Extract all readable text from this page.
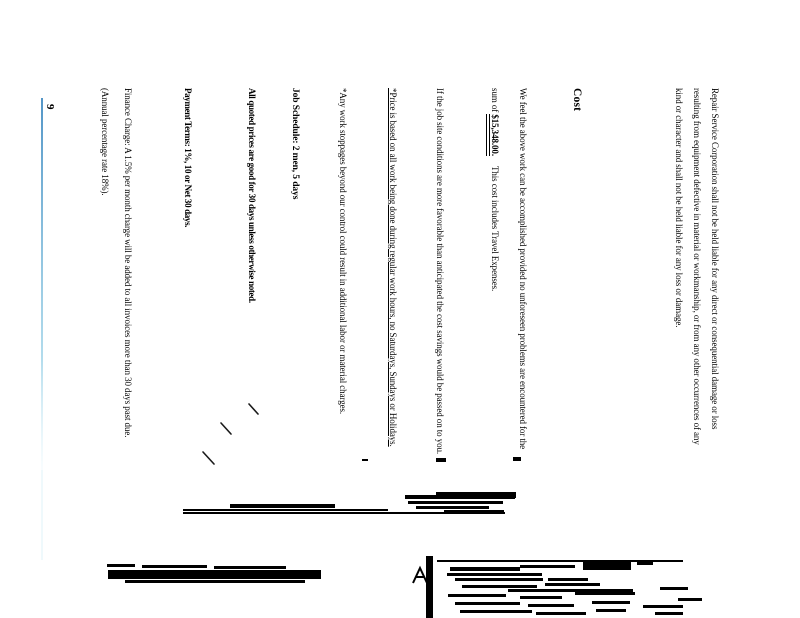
Repair Service Corporation shall not be held liable for any direct or consequential damage or loss
resulting from equipment defective in material or workmanship, or from any other occurrences of any
kind or character and shall not be held liable for any loss or damage.
Cost
We feel the above work can be accomplished provided no unforeseen problems are encountered for the
sum of $15,348.00.This cost includes Travel Expenses.
If the job site conditions are more favorable than anticipated the cost savings would be passed on to you.
*Price is based on all work being done during regular work hours, no Saturdays, Sundays or Holidays.
*Any work stoppages beyond our control could result in additional labor or material charges.
Job Schedule: 2 men, 5 days
All quoted prices are good for 30 days unless otherwise noted.
Payment Terms: 1%, 10 or Net 30 days.
Finance Charge: A 1.5% per month charge will be added to all invoices more than 30 days past due.
(Annual percentage rate 18%).
9
